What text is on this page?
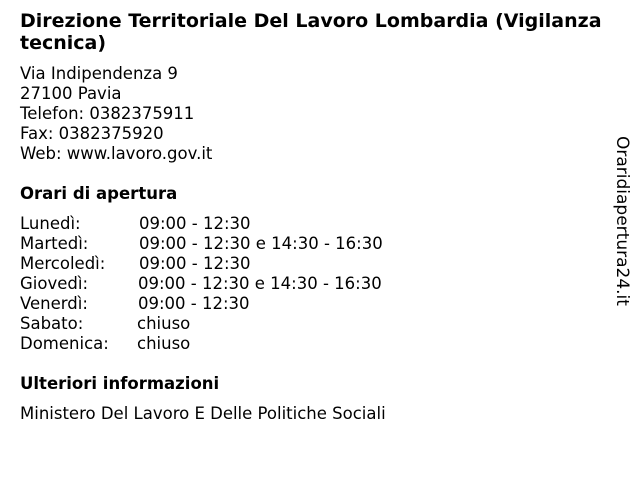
Direzione Territoriale Del Lavoro Lombardia (Vigilanza tecnica)
Via Indipendenza 9
27100 Pavia
Telefon: 0382375911
Fax: 0382375920
Web: www.lavoro.gov.it
Orari di apertura
Lunedì:	09:00 - 12:30
Martedì:	09:00 - 12:30 e 14:30 - 16:30
Mercoledì: 09:00 - 12:30
Giovedì:	09:00 - 12:30 e 14:30 - 16:30
Venerdì:	09:00 - 12:30
Sabato:	chiuso
Domenica: chiuso
Ulteriori informazioni
Ministero Del Lavoro E Delle Politiche Sociali
Oraridiapertura24.it
